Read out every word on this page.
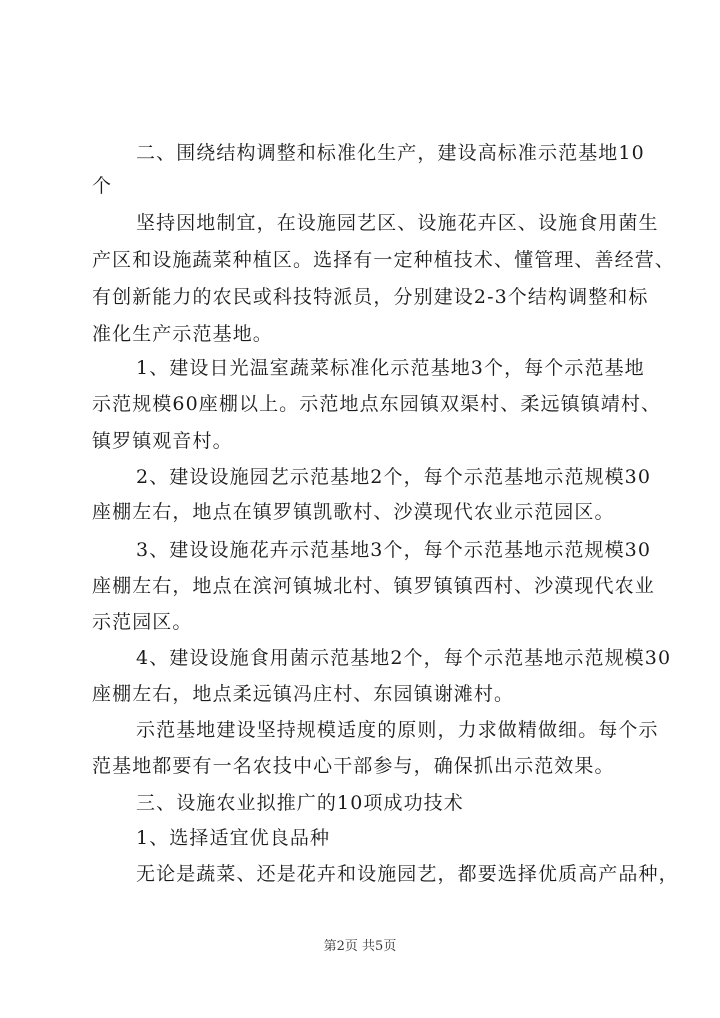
二、围绕结构调整和标准化生产，建设高标准示范基地10
个
坚持因地制宜，在设施园艺区、设施花卉区、设施食用菌生
产区和设施蔬菜种植区。选择有一定种植技术、懂管理、善经营、
有创新能力的农民或科技特派员，分别建设2-3个结构调整和标
准化生产示范基地。
1、建设日光温室蔬菜标准化示范基地3个，每个示范基地
示范规模60座棚以上。示范地点东园镇双渠村、柔远镇镇靖村、
镇罗镇观音村。
2、建设设施园艺示范基地2个，每个示范基地示范规模30
座棚左右，地点在镇罗镇凯歌村、沙漠现代农业示范园区。
3、建设设施花卉示范基地3个，每个示范基地示范规模30
座棚左右，地点在滨河镇城北村、镇罗镇镇西村、沙漠现代农业
示范园区。
4、建设设施食用菌示范基地2个，每个示范基地示范规模30
座棚左右，地点柔远镇冯庄村、东园镇谢滩村。
示范基地建设坚持规模适度的原则，力求做精做细。每个示
范基地都要有一名农技中心干部参与，确保抓出示范效果。
三、设施农业拟推广的10项成功技术
1、选择适宜优良品种
无论是蔬菜、还是花卉和设施园艺，都要选择优质高产品种，
第2页 共5页
